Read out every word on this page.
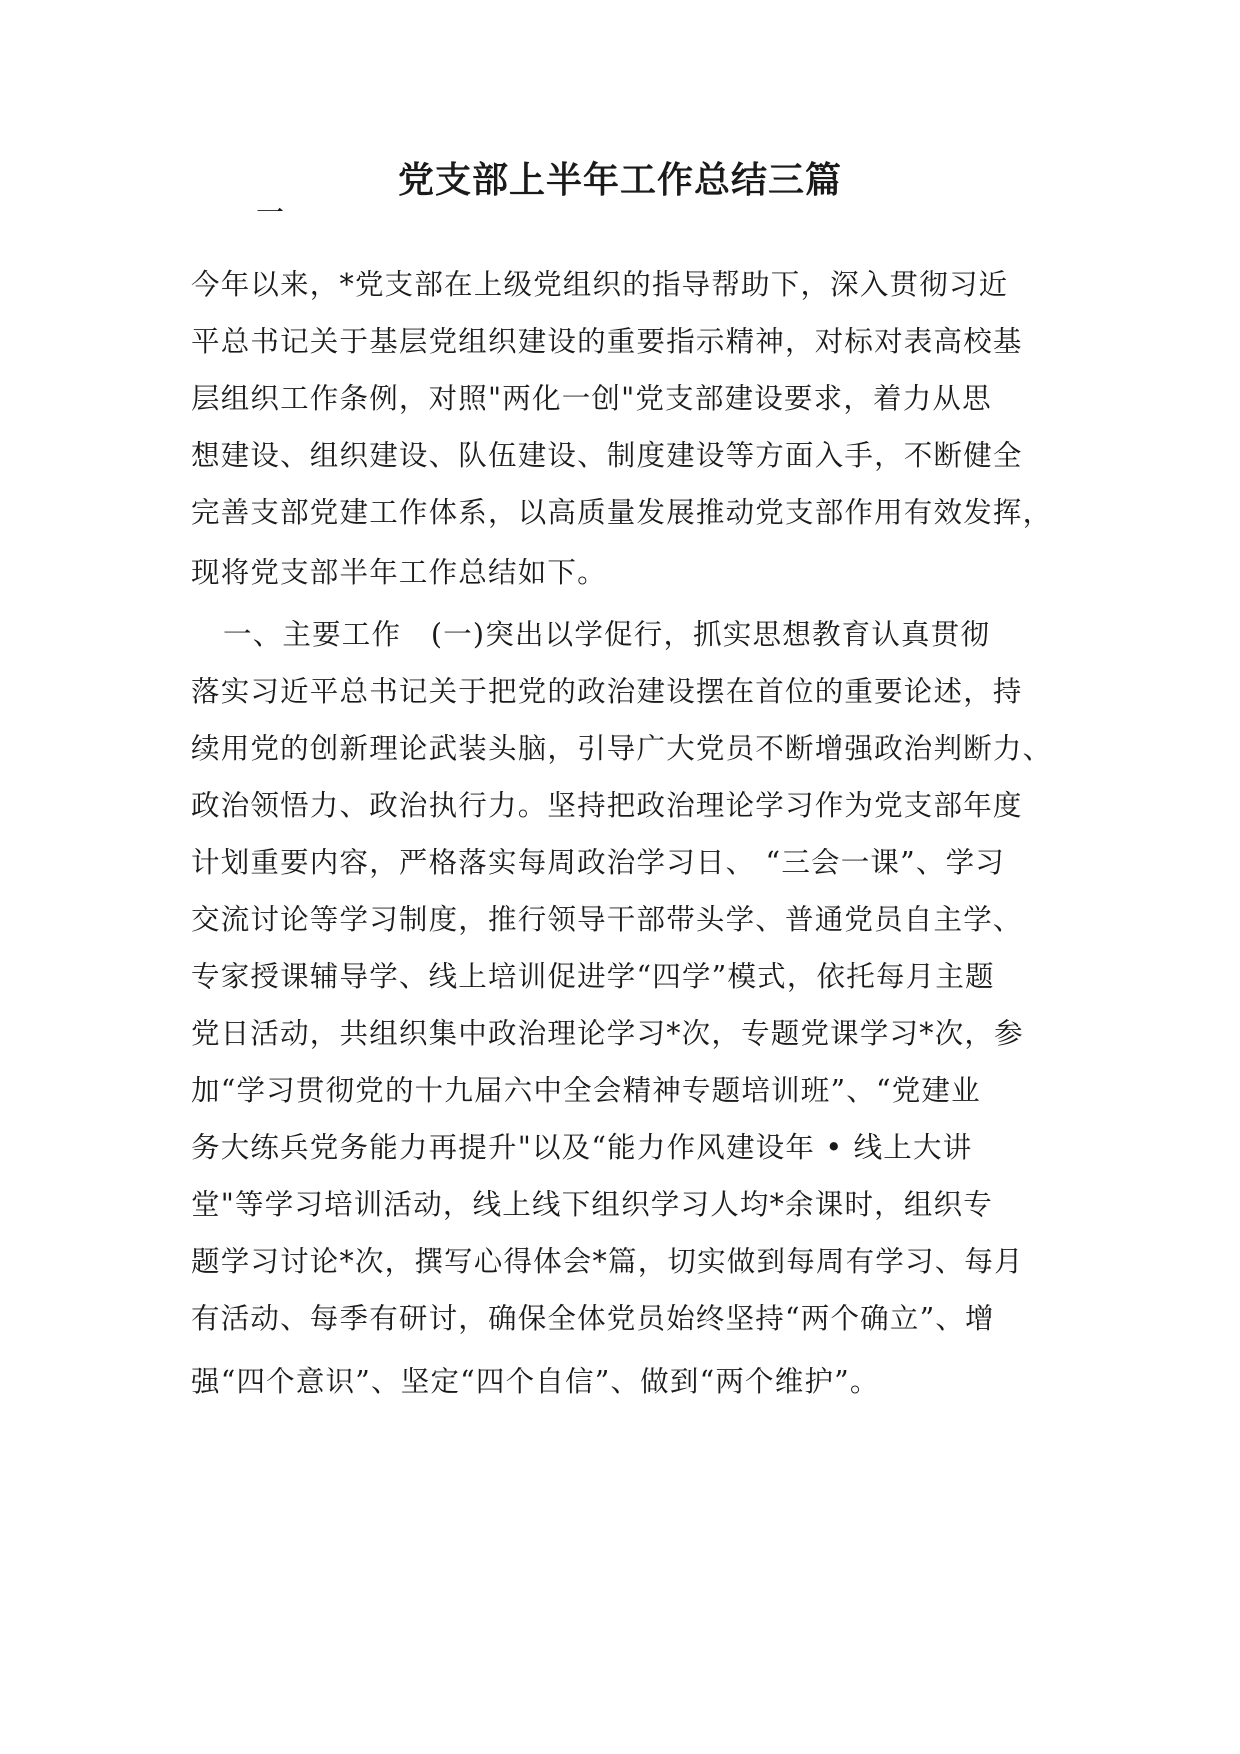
党支部上半年工作总结三篇
一
今年以来，*党支部在上级党组织的指导帮助下，深入贯彻习近
平总书记关于基层党组织建设的重要指示精神，对标对表高校基
层组织工作条例，对照"两化一创"党支部建设要求，着力从思
想建设、组织建设、队伍建设、制度建设等方面入手，不断健全
完善支部党建工作体系，以高质量发展推动党支部作用有效发挥，
现将党支部半年工作总结如下。
一、主要工作　(一)突出以学促行，抓实思想教育认真贯彻
落实习近平总书记关于把党的政治建设摆在首位的重要论述，持
续用党的创新理论武装头脑，引导广大党员不断增强政治判断力、
政治领悟力、政治执行力。坚持把政治理论学习作为党支部年度
计划重要内容，严格落实每周政治学习日、 “三会一课”、学习
交流讨论等学习制度，推行领导干部带头学、普通党员自主学、
专家授课辅导学、线上培训促进学“四学”模式，依托每月主题
党日活动，共组织集中政治理论学习*次，专题党课学习*次，参
加“学习贯彻党的十九届六中全会精神专题培训班”、“党建业
务大练兵党务能力再提升"以及“能力作风建设年 • 线上大讲
堂"等学习培训活动，线上线下组织学习人均*余课时，组织专
题学习讨论*次，撰写心得体会*篇，切实做到每周有学习、每月
有活动、每季有研讨，确保全体党员始终坚持“两个确立”、增
强“四个意识”、坚定“四个自信”、做到“两个维护”。
